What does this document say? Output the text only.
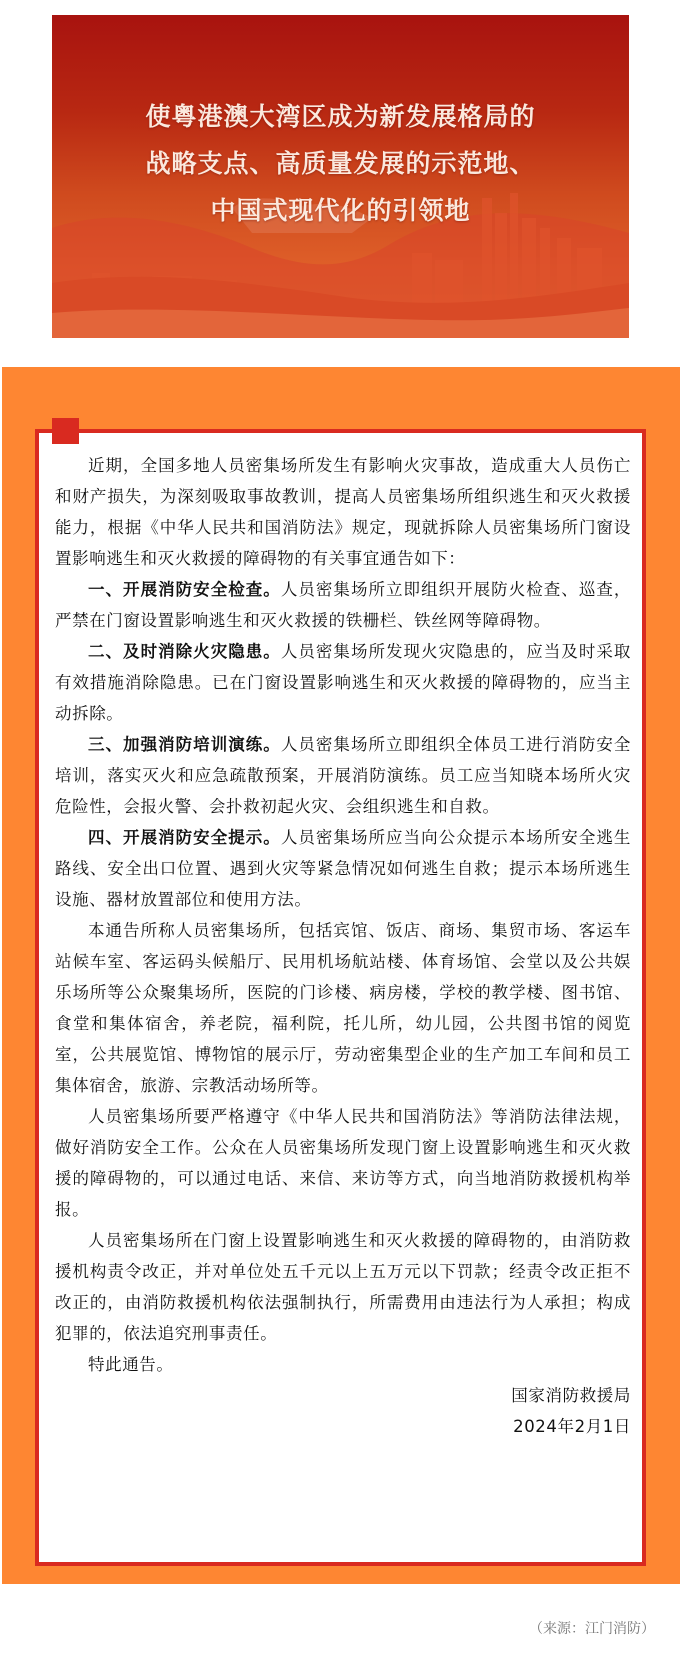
使粤港澳大湾区成为新发展格局的
战略支点、高质量发展的示范地、
中国式现代化的引领地

近期，全国多地人员密集场所发生有影响火灾事故，造成重大人员伤亡和财产损失，为深刻吸取事故教训，提高人员密集场所组织逃生和灭火救援能力，根据《中华人民共和国消防法》规定，现就拆除人员密集场所门窗设置影响逃生和灭火救援的障碍物的有关事宜通告如下：

一、开展消防安全检查。人员密集场所立即组织开展防火检查、巡查，严禁在门窗设置影响逃生和灭火救援的铁栅栏、铁丝网等障碍物。

二、及时消除火灾隐患。人员密集场所发现火灾隐患的，应当及时采取有效措施消除隐患。已在门窗设置影响逃生和灭火救援的障碍物的，应当主动拆除。

三、加强消防培训演练。人员密集场所立即组织全体员工进行消防安全培训，落实灭火和应急疏散预案，开展消防演练。员工应当知晓本场所火灾危险性，会报火警、会扑救初起火灾、会组织逃生和自救。

四、开展消防安全提示。人员密集场所应当向公众提示本场所安全逃生路线、安全出口位置、遇到火灾等紧急情况如何逃生自救；提示本场所逃生设施、器材放置部位和使用方法。

本通告所称人员密集场所，包括宾馆、饭店、商场、集贸市场、客运车站候车室、客运码头候船厅、民用机场航站楼、体育场馆、会堂以及公共娱乐场所等公众聚集场所，医院的门诊楼、病房楼，学校的教学楼、图书馆、食堂和集体宿舍，养老院，福利院，托儿所，幼儿园，公共图书馆的阅览室，公共展览馆、博物馆的展示厅，劳动密集型企业的生产加工车间和员工集体宿舍，旅游、宗教活动场所等。

人员密集场所要严格遵守《中华人民共和国消防法》等消防法律法规，做好消防安全工作。公众在人员密集场所发现门窗上设置影响逃生和灭火救援的障碍物的，可以通过电话、来信、来访等方式，向当地消防救援机构举报。

人员密集场所在门窗上设置影响逃生和灭火救援的障碍物的，由消防救援机构责令改正，并对单位处五千元以上五万元以下罚款；经责令改正拒不改正的，由消防救援机构依法强制执行，所需费用由违法行为人承担；构成犯罪的，依法追究刑事责任。

特此通告。

国家消防救援局

2024年2月1日

（来源：江门消防）
